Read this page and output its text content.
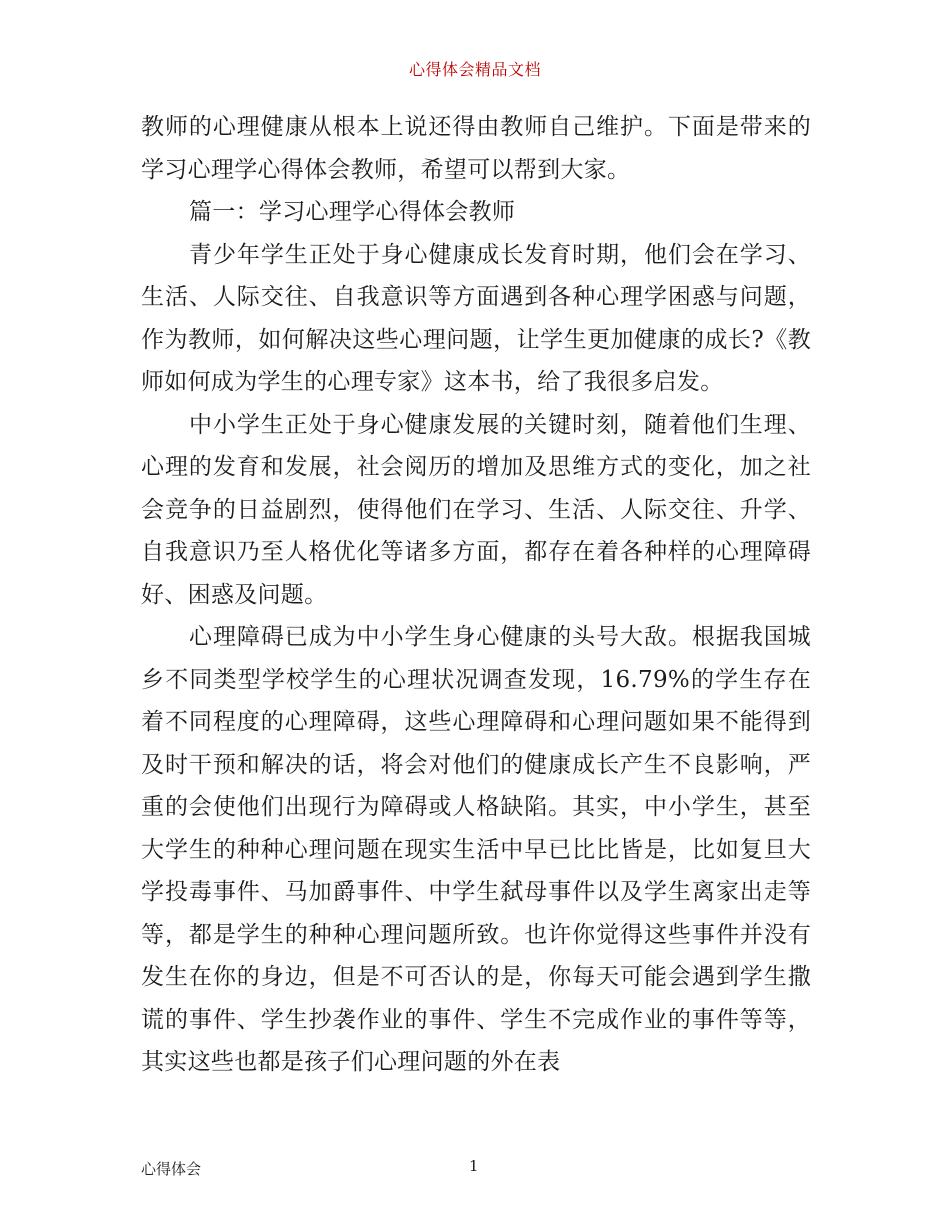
心得体会精品文档

教师的心理健康从根本上说还得由教师自己维护。下面是带来的学习心理学心得体会教师，希望可以帮到大家。

篇一：学习心理学心得体会教师

青少年学生正处于身心健康成长发育时期，他们会在学习、生活、人际交往、自我意识等方面遇到各种心理学困惑与问题，作为教师，如何解决这些心理问题，让学生更加健康的成长?《教师如何成为学生的心理专家》这本书，给了我很多启发。

中小学生正处于身心健康发展的关键时刻，随着他们生理、心理的发育和发展，社会阅历的增加及思维方式的变化，加之社会竞争的日益剧烈，使得他们在学习、生活、人际交往、升学、自我意识乃至人格优化等诸多方面，都存在着各种样的心理障碍好、困惑及问题。

心理障碍已成为中小学生身心健康的头号大敌。根据我国城乡不同类型学校学生的心理状况调查发现，16.79%的学生存在着不同程度的心理障碍，这些心理障碍和心理问题如果不能得到及时干预和解决的话，将会对他们的健康成长产生不良影响，严重的会使他们出现行为障碍或人格缺陷。其实，中小学生，甚至大学生的种种心理问题在现实生活中早已比比皆是，比如复旦大学投毒事件、马加爵事件、中学生弑母事件以及学生离家出走等等，都是学生的种种心理问题所致。也许你觉得这些事件并没有发生在你的身边，但是不可否认的是，你每天可能会遇到学生撒谎的事件、学生抄袭作业的事件、学生不完成作业的事件等等，其实这些也都是孩子们心理问题的外在表

心得体会	1
